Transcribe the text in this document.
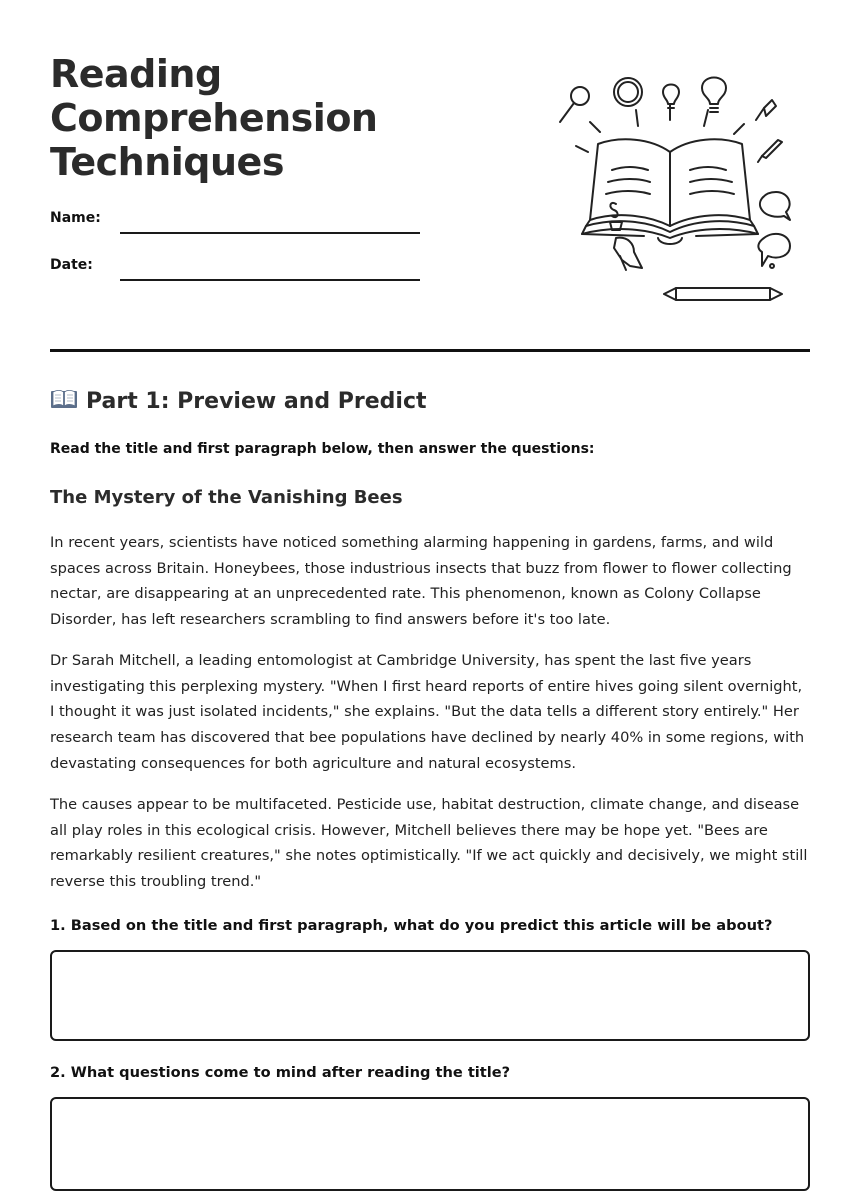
Reading
Comprehension
Techniques
Name:
Date:
Part 1: Preview and Predict
Read the title and first paragraph below, then answer the questions:
The Mystery of the Vanishing Bees

In recent years, scientists have noticed something alarming happening in gardens, farms, and wild spaces across Britain. Honeybees, those industrious insects that buzz from flower to flower collecting nectar, are disappearing at an unprecedented rate. This phenomenon, known as Colony Collapse Disorder, has left researchers scrambling to find answers before it's too late.

Dr Sarah Mitchell, a leading entomologist at Cambridge University, has spent the last five years investigating this perplexing mystery. "When I first heard reports of entire hives going silent overnight, I thought it was just isolated incidents," she explains. "But the data tells a different story entirely." Her research team has discovered that bee populations have declined by nearly 40% in some regions, with devastating consequences for both agriculture and natural ecosystems.

The causes appear to be multifaceted. Pesticide use, habitat destruction, climate change, and disease all play roles in this ecological crisis. However, Mitchell believes there may be hope yet. "Bees are remarkably resilient creatures," she notes optimistically. "If we act quickly and decisively, we might still reverse this troubling trend."

1. Based on the title and first paragraph, what do you predict this article will be about?
2. What questions come to mind after reading the title?
